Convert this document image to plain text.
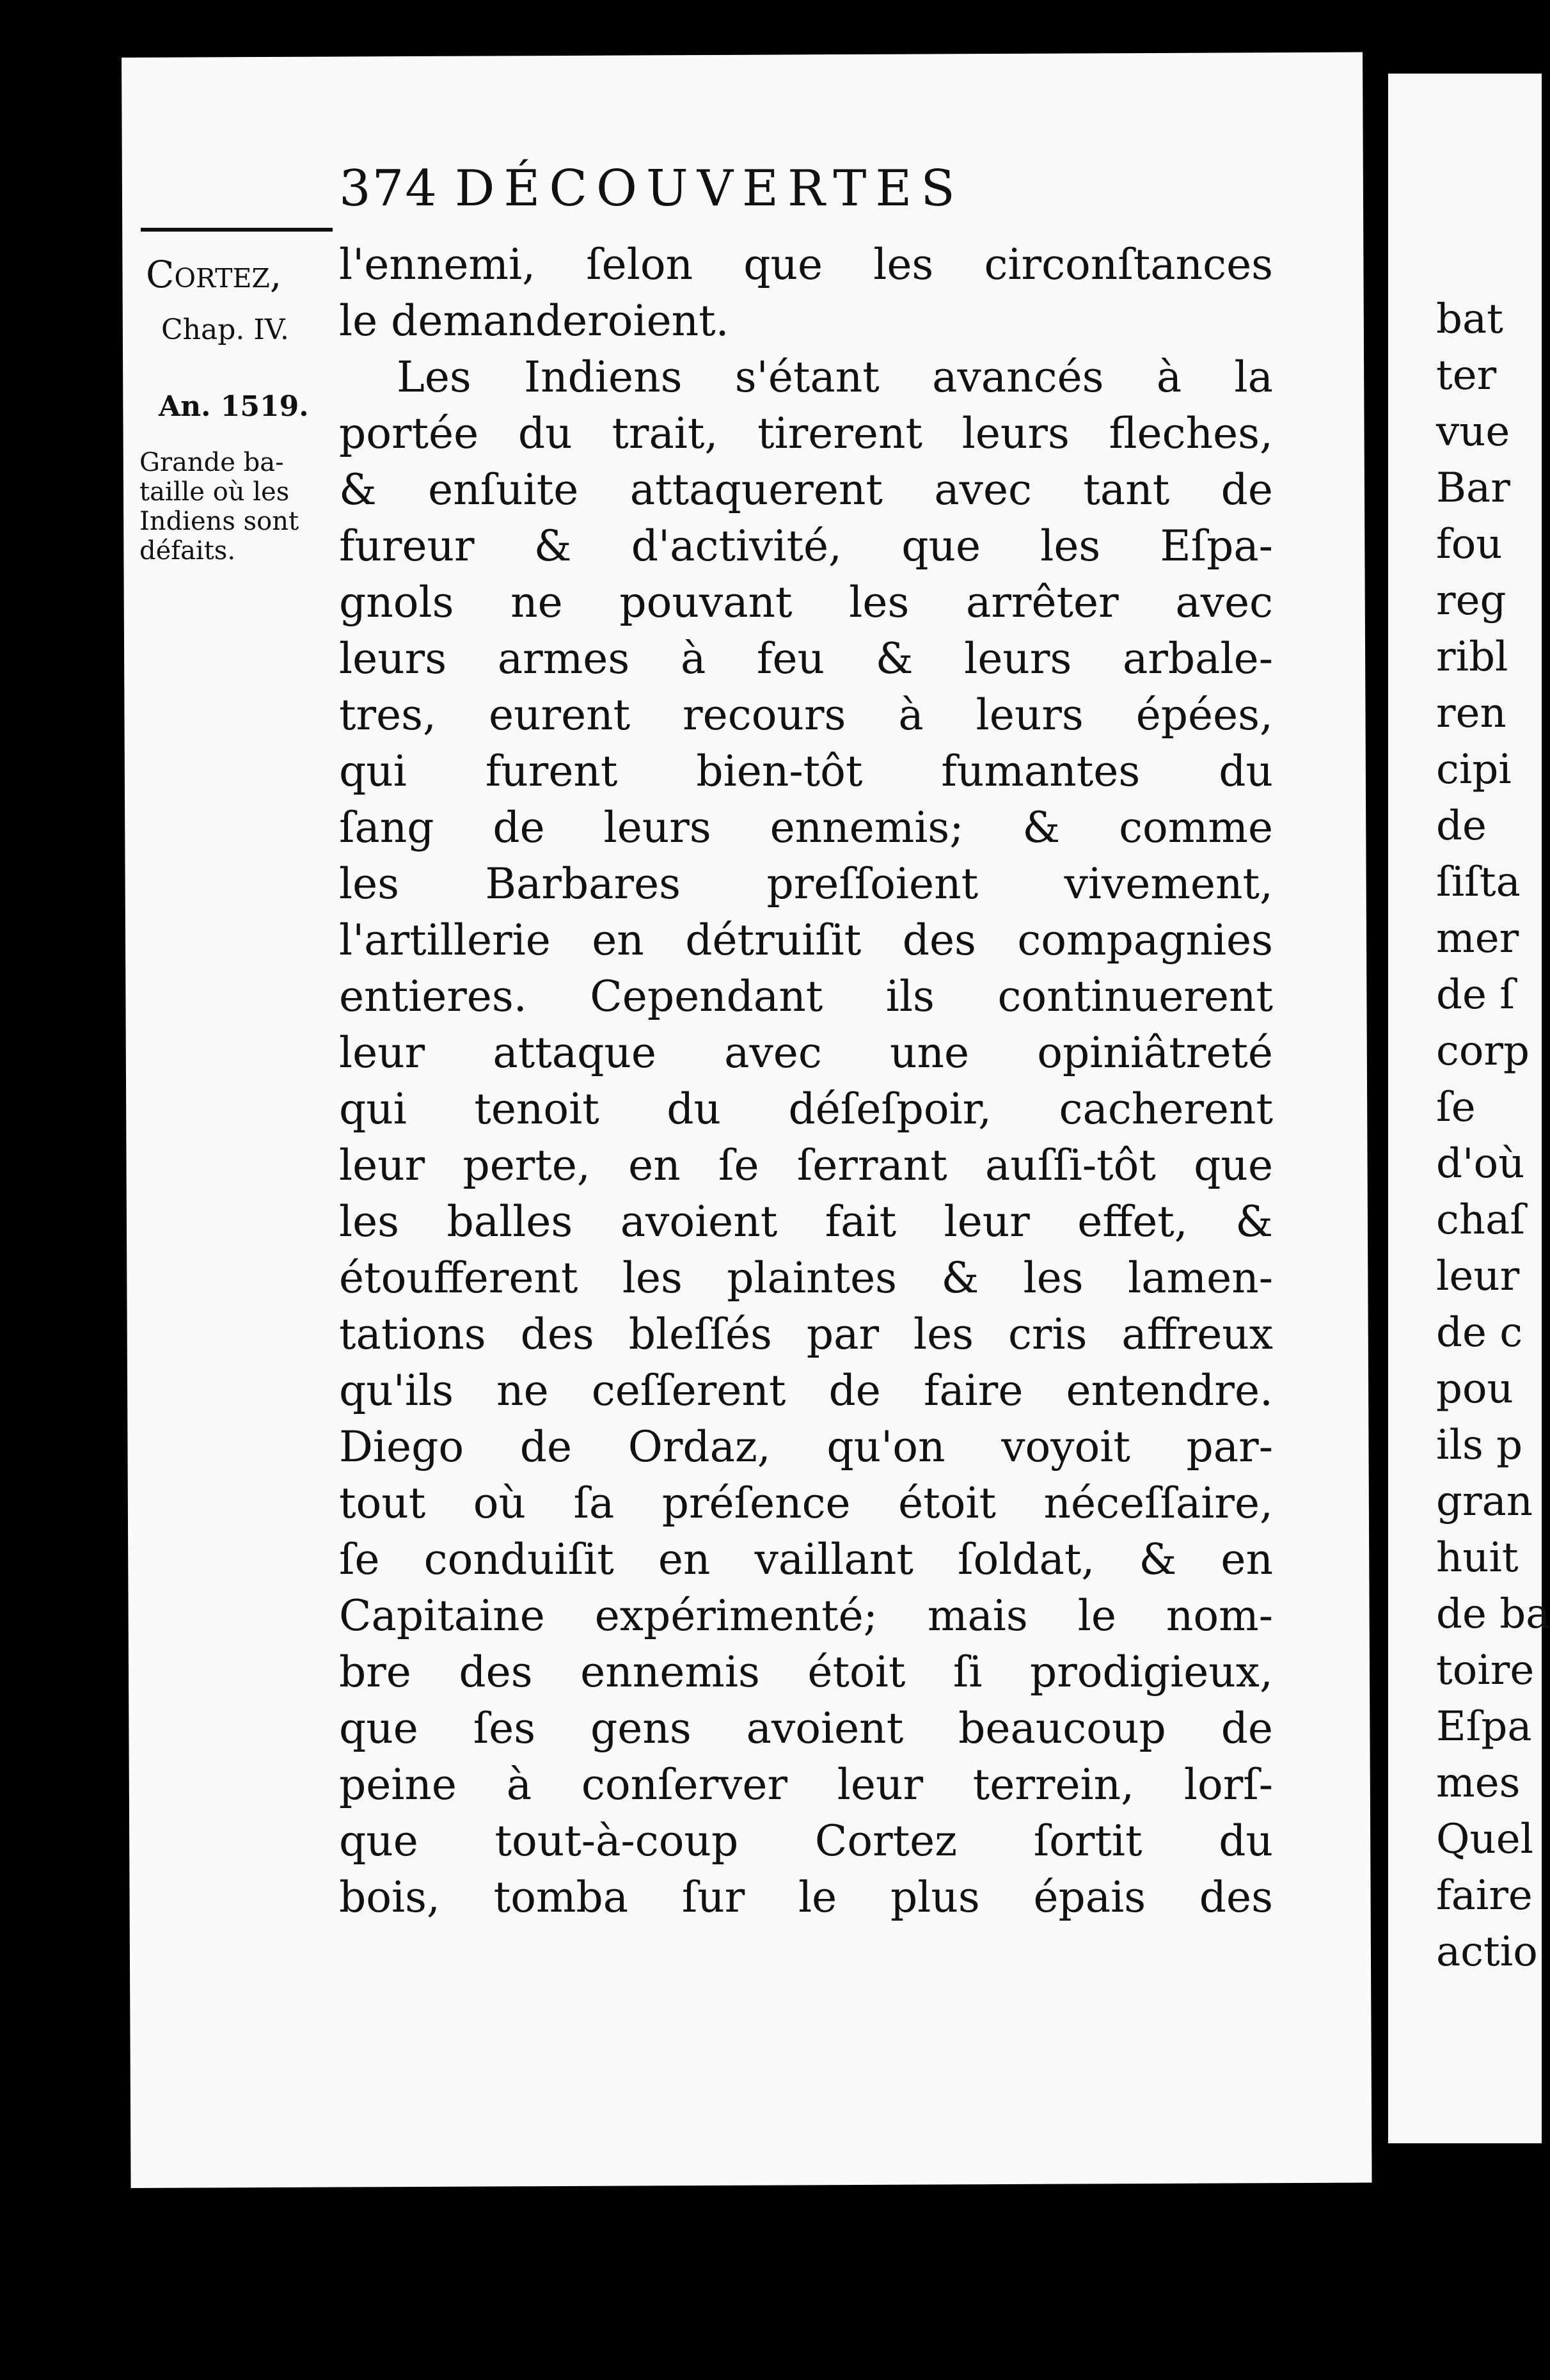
374 DÉCOUVERTES
Cortez,
Chap. IV.
An. 1519.
Grande ba-
taille où les
Indiens sont
défaits.
l'ennemi, ſelon que les circonſtances
le demanderoient.
Les Indiens s'étant avancés à la
portée du trait, tirerent leurs fleches,
& enſuite attaquerent avec tant de
fureur & d'activité, que les Eſpa-
gnols ne pouvant les arrêter avec
leurs armes à feu & leurs arbale-
tres, eurent recours à leurs épées,
qui furent bien-tôt fumantes du
ſang de leurs ennemis; & comme
les Barbares preſſoient vivement,
l'artillerie en détruiſit des compagnies
entieres. Cependant ils continuerent
leur attaque avec une opiniâtreté
qui tenoit du déſeſpoir, cacherent
leur perte, en ſe ſerrant auſſi-tôt que
les balles avoient fait leur effet, &
étoufferent les plaintes & les lamen-
tations des bleſſés par les cris affreux
qu'ils ne ceſſerent de faire entendre.
Diego de Ordaz, qu'on voyoit par-
tout où ſa préſence étoit néceſſaire,
ſe conduiſit en vaillant ſoldat, & en
Capitaine expérimenté; mais le nom-
bre des ennemis étoit ſi prodigieux,
que ſes gens avoient beaucoup de
peine à conſerver leur terrein, lorſ-
que tout-à-coup Cortez ſortit du
bois, tomba ſur le plus épais des
bat
ter
vue
Bar
fou
reg
ribl
ren
cipi
de
ſiſta
mer
de ſ
corp
ſe
d'où
chaſ
leur
de c
pou
ils p
gran
huit
de ba
toire
Eſpa
mes
Quel
faire
actio
